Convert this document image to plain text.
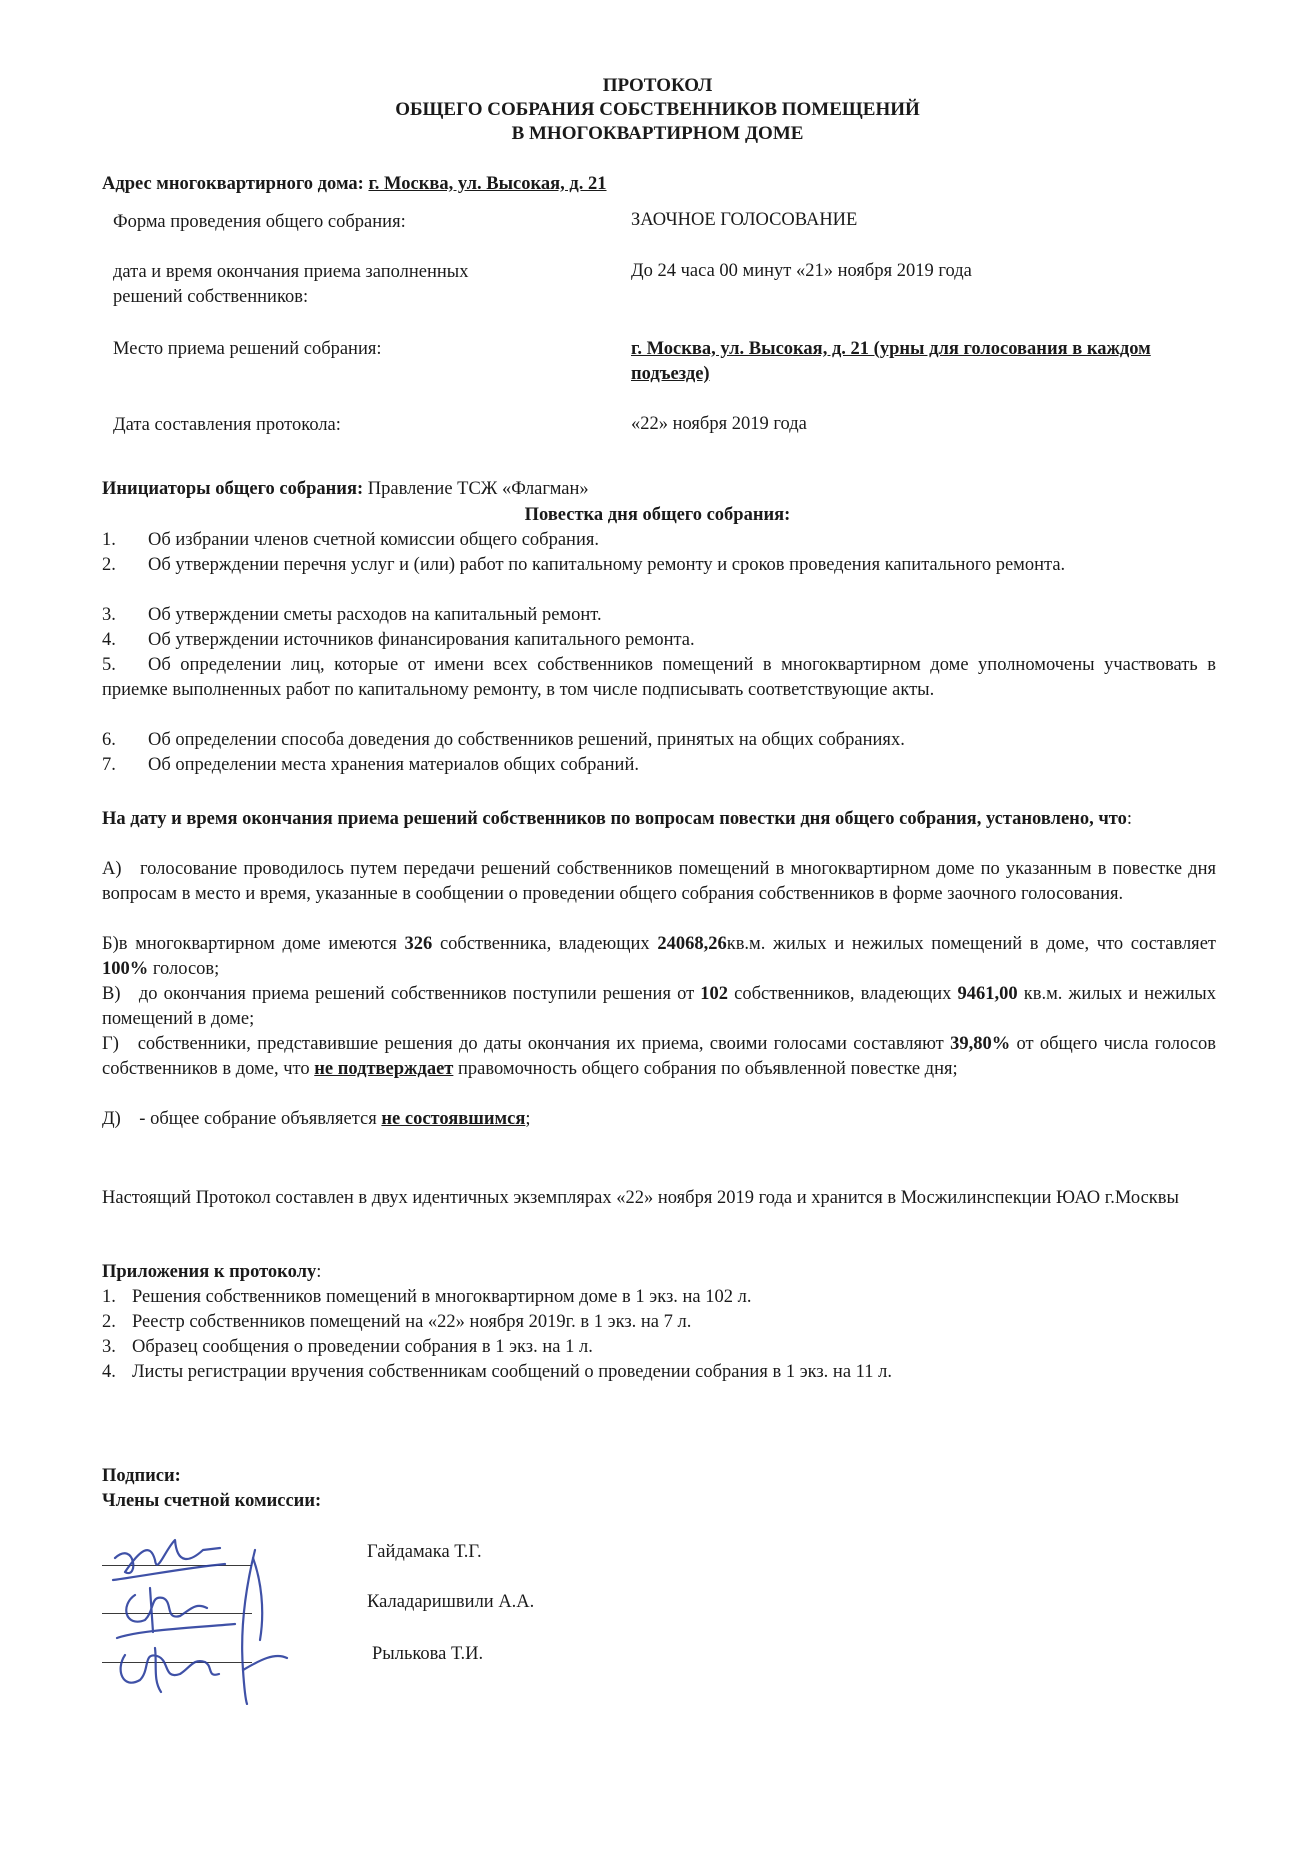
ПРОТОКОЛ
ОБЩЕГО СОБРАНИЯ СОБСТВЕННИКОВ ПОМЕЩЕНИЙ
В МНОГОКВАРТИРНОМ ДОМЕ
Адрес многоквартирного дома: г. Москва, ул. Высокая, д. 21
Форма проведения общего собрания:	ЗАОЧНОЕ ГОЛОСОВАНИЕ
дата и время окончания приема заполненных
решений собственников:
До 24 часа 00 минут «21» ноября 2019 года
Место приема решений собрания:	г. Москва, ул. Высокая, д. 21 (урны для голосования в каждом
подъезде)
Дата составления протокола:	«22» ноября 2019 года
Инициаторы общего собрания: Правление ТСЖ «Флагман»
Повестка дня общего собрания:
1. Об избрании членов счетной комиссии общего собрания.
2. Об утверждении перечня услуг и (или) работ по капитальному ремонту и сроков проведения капитального ремонта.
3. Об утверждении сметы расходов на капитальный ремонт.
4. Об утверждении источников финансирования капитального ремонта.
5. Об определении лиц, которые от имени всех собственников помещений в многоквартирном доме уполномочены участвовать в приемке выполненных работ по капитальному ремонту, в том числе подписывать соответствующие акты.
6. Об определении способа доведения до собственников решений, принятых на общих собраниях.
7. Об определении места хранения материалов общих собраний.
На дату и время окончания приема решений собственников по вопросам повестки дня общего собрания, установлено, что:
А) голосование проводилось путем передачи решений собственников помещений в многоквартирном доме по указанным в повестке дня вопросам в место и время, указанные в сообщении о проведении общего собрания собственников в форме заочного голосования.
Б)в многоквартирном доме имеются 326 собственника, владеющих 24068,26кв.м. жилых и нежилых помещений в доме, что составляет 100% голосов;
В) до окончания приема решений собственников поступили решения от 102 собственников, владеющих 9461,00 кв.м. жилых и нежилых помещений в доме;
Г) собственники, представившие решения до даты окончания их приема, своими голосами составляют 39,80% от общего числа голосов собственников в доме, что не подтверждает правомочность общего собрания по объявленной повестке дня;
Д) - общее собрание объявляется не состоявшимся;
Настоящий Протокол составлен в двух идентичных экземплярах «22» ноября 2019 года и хранится в Мосжилинспекции ЮАО г.Москвы
Приложения к протоколу:
1. Решения собственников помещений в многоквартирном доме в 1 экз. на 102 л.
2. Реестр собственников помещений на «22» ноября 2019г. в 1 экз. на 7 л.
3. Образец сообщения о проведении собрания в 1 экз. на 1 л.
4. Листы регистрации вручения собственникам сообщений о проведении собрания в 1 экз. на 11 л.
Подписи:
Члены счетной комиссии:
Гайдамака Т.Г.
Каладаришвили А.А.
Рылькова Т.И.
